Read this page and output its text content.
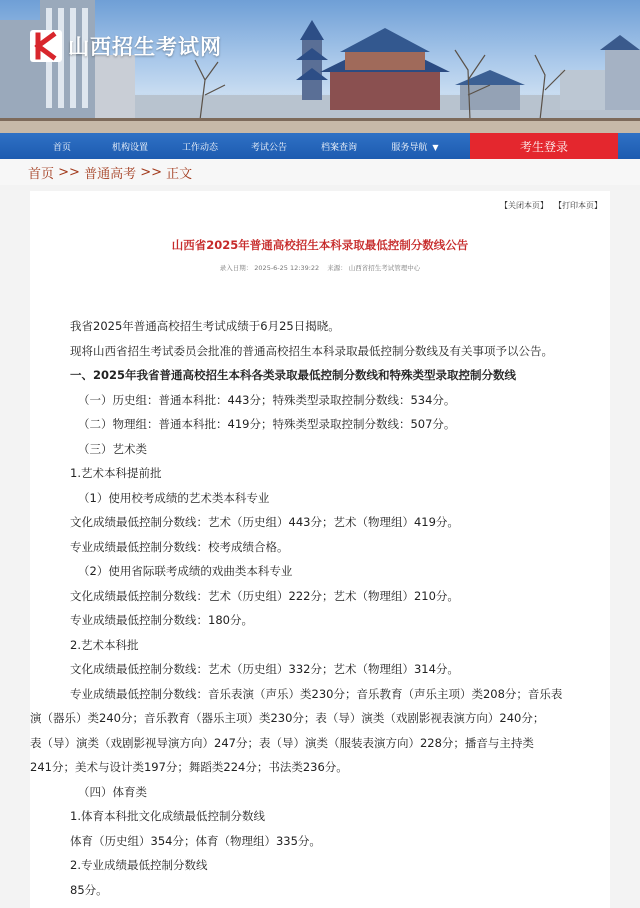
山西招生考试网
首页	机构设置	工作动态	考试公告	档案查询	服务导航 ▼	考生登录
首页 >> 普通高考 >> 正文
【关闭本页】 【打印本页】
山西省2025年普通高校招生本科录取最低控制分数线公告
录入日期： 2025-6-25 12:39:22 来源： 山西省招生考试管理中心

我省2025年普通高校招生考试成绩于6月25日揭晓。

现将山西省招生考试委员会批准的普通高校招生本科录取最低控制分数线及有关事项予以公告。

一、2025年我省普通高校招生本科各类录取最低控制分数线和特殊类型录取控制分数线

（一）历史组：普通本科批：443分；特殊类型录取控制分数线：534分。

（二）物理组：普通本科批：419分；特殊类型录取控制分数线：507分。

（三）艺术类

1.艺术本科提前批

（1）使用校考成绩的艺术类本科专业

文化成绩最低控制分数线：艺术（历史组）443分；艺术（物理组）419分。

专业成绩最低控制分数线：校考成绩合格。

（2）使用省际联考成绩的戏曲类本科专业

文化成绩最低控制分数线：艺术（历史组）222分；艺术（物理组）210分。

专业成绩最低控制分数线：180分。

2.艺术本科批

文化成绩最低控制分数线：艺术（历史组）332分；艺术（物理组）314分。

专业成绩最低控制分数线：音乐表演（声乐）类230分；音乐教育（声乐主项）类208分；音乐表

演（器乐）类240分；音乐教育（器乐主项）类230分；表（导）演类（戏剧影视表演方向）240分；

表（导）演类（戏剧影视导演方向）247分；表（导）演类（服装表演方向）228分；播音与主持类

241分；美术与设计类197分；舞蹈类224分；书法类236分。

（四）体育类

1.体育本科批文化成绩最低控制分数线

体育（历史组）354分；体育（物理组）335分。

2.专业成绩最低控制分数线

85分。
